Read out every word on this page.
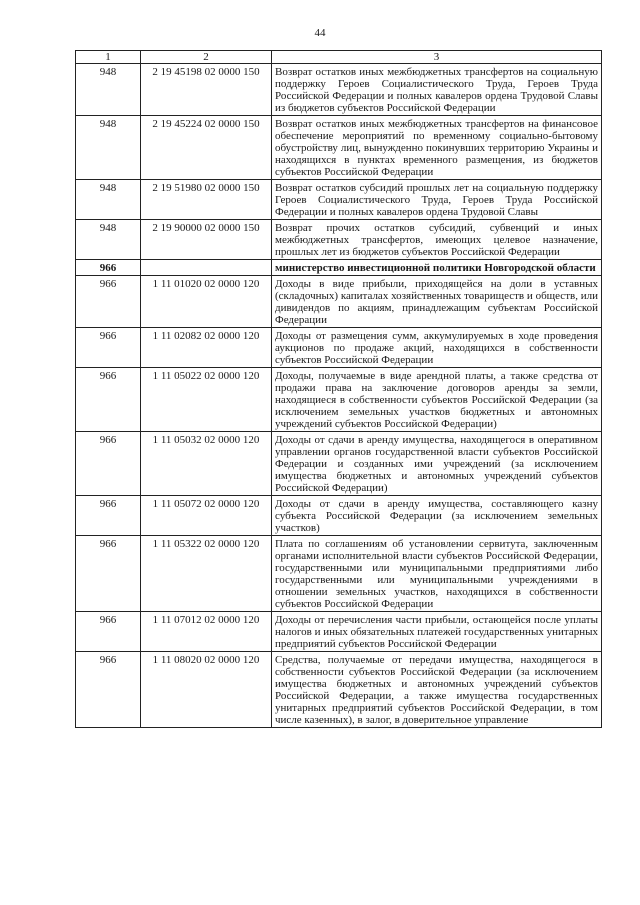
44
1	2	3
948	2 19 45198 02 0000 150	Возврат остатков иных межбюджетных трансфертов на социальную поддержку Героев Социалистического Труда, Героев Труда Российской Федерации и полных кавалеров ордена Трудовой Славы из бюджетов субъектов Российской Федерации
948	2 19 45224 02 0000 150	Возврат остатков иных межбюджетных трансфертов на финансовое обеспечение мероприятий по временному социально-бытовому обустройству лиц, вынужденно покинувших территорию Украины и находящихся в пунктах временного размещения, из бюджетов субъектов Российской Федерации
948	2 19 51980 02 0000 150	Возврат остатков субсидий прошлых лет на социальную поддержку Героев Социалистического Труда, Героев Труда Российской Федерации и полных кавалеров ордена Трудовой Славы
948	2 19 90000 02 0000 150	Возврат прочих остатков субсидий, субвенций и иных межбюджетных трансфертов, имеющих целевое назначение, прошлых лет из бюджетов субъектов Российской Федерации
966		министерство инвестиционной политики Новгородской области
966	1 11 01020 02 0000 120	Доходы в виде прибыли, приходящейся на доли в уставных (складочных) капиталах хозяйственных товариществ и обществ, или дивидендов по акциям, принадлежащим субъектам Российской Федерации
966	1 11 02082 02 0000 120	Доходы от размещения сумм, аккумулируемых в ходе проведения аукционов по продаже акций, находящихся в собственности субъектов Российской Федерации
966	1 11 05022 02 0000 120	Доходы, получаемые в виде арендной платы, а также средства от продажи права на заключение договоров аренды за земли, находящиеся в собственности субъектов Российской Федерации (за исключением земельных участков бюджетных и автономных учреждений субъектов Российской Федерации)
966	1 11 05032 02 0000 120	Доходы от сдачи в аренду имущества, находящегося в оперативном управлении органов государственной власти субъектов Российской Федерации и созданных ими учреждений (за исключением имущества бюджетных и автономных учреждений субъектов Российской Федерации)
966	1 11 05072 02 0000 120	Доходы от сдачи в аренду имущества, составляющего казну субъекта Российской Федерации (за исключением земельных участков)
966	1 11 05322 02 0000 120	Плата по соглашениям об установлении сервитута, заключенным органами исполнительной власти субъектов Российской Федерации, государственными или муниципальными предприятиями либо государственными или муниципальными учреждениями в отношении земельных участков, находящихся в собственности субъектов Российской Федерации
966	1 11 07012 02 0000 120	Доходы от перечисления части прибыли, остающейся после уплаты налогов и иных обязательных платежей государственных унитарных предприятий субъектов Российской Федерации
966	1 11 08020 02 0000 120	Средства, получаемые от передачи имущества, находящегося в собственности субъектов Российской Федерации (за исключением имущества бюджетных и автономных учреждений субъектов Российской Федерации, а также имущества государственных унитарных предприятий субъектов Российской Федерации, в том числе казенных), в залог, в доверительное управление
